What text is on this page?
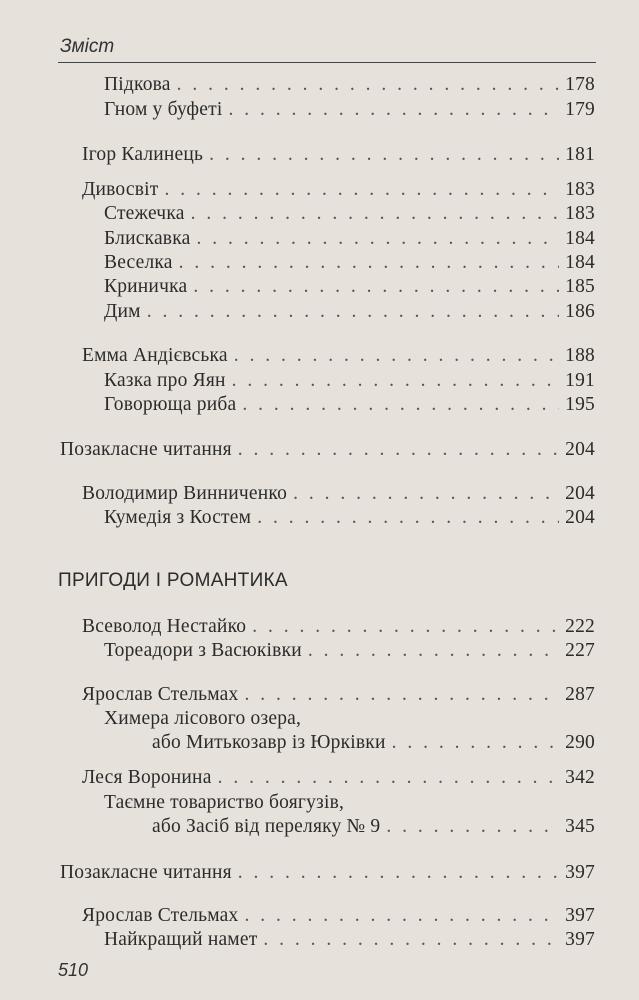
Зміст
Підкова . . .	178
Гном у буфеті . . .	179
Ігор Калинець . . .	181
Дивосвіт . . .	183
Стежечка . . .	183
Блискавка . . .	184
Веселка . . .	184
Криничка . . .	185
Дим . . .	186
Емма Андієвська . . .	188
Казка про Яян . . .	191
Говорюща риба . . .	195
Позакласне читання . . .	204
Володимир Винниченко . . .	204
Кумедія з Костем . . .	204
ПРИГОДИ І РОМАНТИКА
Всеволод Нестайко . . .	222
Тореадори з Васюківки . . .	227
Ярослав Стельмах . . .	287
Химера лісового озера,
або Митькозавр із Юрківки . . .	290
Леся Воронина . . .	342
Таємне товариство боягузів,
або Засіб від переляку № 9 . . .	345
Позакласне читання . . .	397
Ярослав Стельмах . . .	397
Найкращий намет . . .	397
510
